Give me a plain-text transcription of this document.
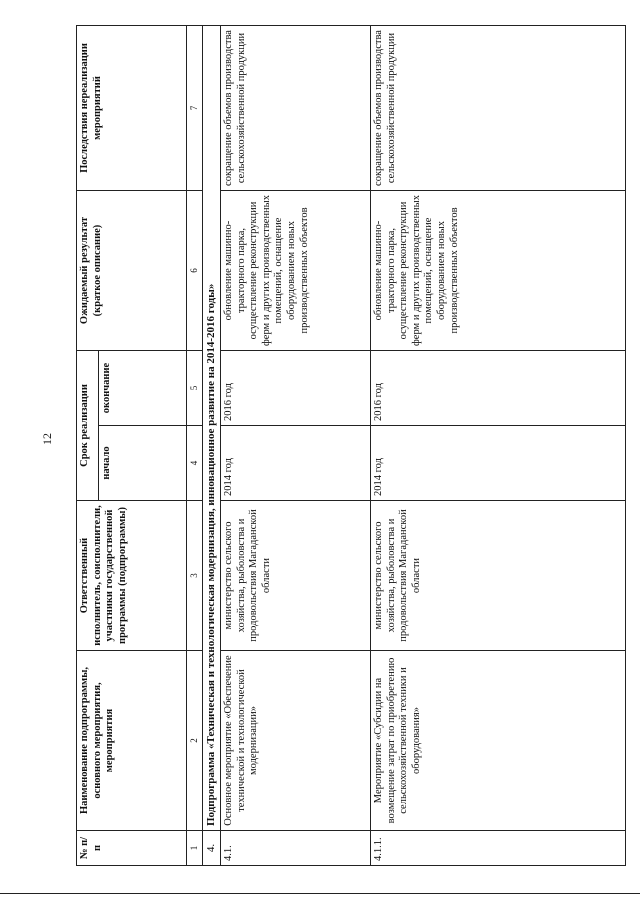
12
№ п/п	Наименование подпрограммы, основного мероприятия, мероприятия	Ответственный исполнитель, соисполнители, участники государственной программы (подпрограммы)	Срок реализации		Ожидаемый результат (краткое описание)	Последствия нереализации мероприятий
			начало	окончание		
1	2	3	4	5	6	7
4.	Подпрограмма «Техническая и технологическая модернизация, инновационное развитие на 2014-2016 годы»					
4.1.	Основное мероприятие «Обеспечение технической и технологической модернизации»	министерство сельского хозяйства, рыболовства и продовольствия Магаданской области	2014 год	2016 год	обновление машинно-тракторного парка, осуществление реконструкции ферм и других производственных помещений, оснащение оборудованием новых производственных объектов	сокращение объемов производства сельскохозяйственной продукции
4.1.1.	Мероприятие «Субсидии на возмещение затрат по приобретению сельскохозяйственной техники и оборудования»	министерство сельского хозяйства, рыболовства и продовольствия Магаданской области	2014 год	2016 год	обновление машинно-тракторного парка, осуществление реконструкции ферм и других производственных помещений, оснащение оборудованием новых производственных объектов	сокращение объемов производства сельскохозяйственной продукции
